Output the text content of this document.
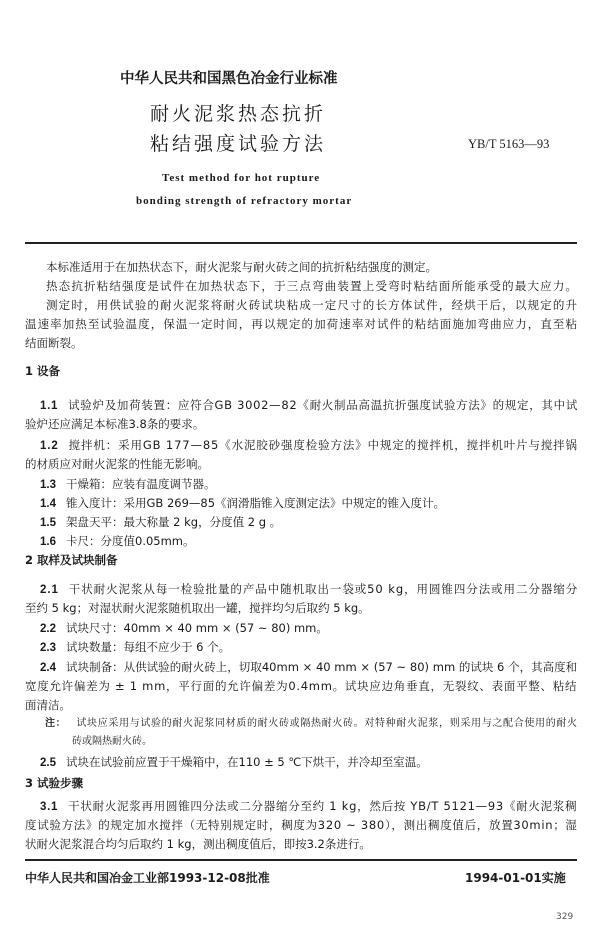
中华人民共和国黑色冶金行业标准
耐火泥浆热态抗折
粘结强度试验方法	YB/T 5163—93
Test method for hot rupture
bonding strength of refractory mortar
本标准适用于在加热状态下，耐火泥浆与耐火砖之间的抗折粘结强度的测定。
热态抗折粘结强度是试件在加热状态下，于三点弯曲装置上受弯时粘结面所能承受的最大应力。
测定时，用供试验的耐火泥浆将耐火砖试块粘成一定尺寸的长方体试件，经烘干后，以规定的升
温速率加热至试验温度，保温一定时间，再以规定的加荷速率对试件的粘结面施加弯曲应力，直至粘
结面断裂。
1 设备
1.1 试验炉及加荷装置：应符合GB 3002—82《耐火制品高温抗折强度试验方法》的规定，其中试
验炉还应满足本标准3.8条的要求。
1.2 搅拌机：采用GB 177—85《水泥胶砂强度检验方法》中规定的搅拌机，搅拌机叶片与搅拌锅
的材质应对耐火泥浆的性能无影响。
1.3 干燥箱：应装有温度调节器。
1.4 锥入度计：采用GB 269—85《润滑脂锥入度测定法》中规定的锥入度计。
1.5 架盘天平：最大称量 2 kg，分度值 2 g 。
1.6 卡尺：分度值0.05mm。
2 取样及试块制备
2.1 干状耐火泥浆从每一检验批量的产品中随机取出一袋或50 kg，用圆锥四分法或用二分器缩分
至约 5 kg；对湿状耐火泥浆随机取出一罐，搅拌均匀后取约 5 kg。
2.2 试块尺寸：40mm × 40 mm × (57 ~ 80) mm。
2.3 试块数量：每组不应少于 6 个。
2.4 试块制备：从供试验的耐火砖上，切取40mm × 40 mm × (57 ~ 80) mm 的试块 6 个，其高度和
宽度允许偏差为 ± 1 mm，平行面的允许偏差为0.4mm。试块应边角垂直，无裂纹、表面平整、粘结
面清洁。
注： 试块应采用与试验的耐火泥浆同材质的耐火砖或隔热耐火砖。对特种耐火泥浆，则采用与之配合使用的耐火
砖或隔热耐火砖。
2.5 试块在试验前应置于干燥箱中，在110 ± 5 ℃下烘干，并冷却至室温。
3 试验步骤
3.1 干状耐火泥浆再用圆锥四分法或二分器缩分至约 1 kg，然后按 YB/T 5121—93《耐火泥浆稠
度试验方法》的规定加水搅拌（无特别规定时，稠度为320 ~ 380），测出稠度值后，放置30min；湿
状耐火泥浆混合均匀后取约 1 kg，测出稠度值后，即按3.2条进行。
中华人民共和国冶金工业部1993-12-08批准	1994-01-01实施
329
